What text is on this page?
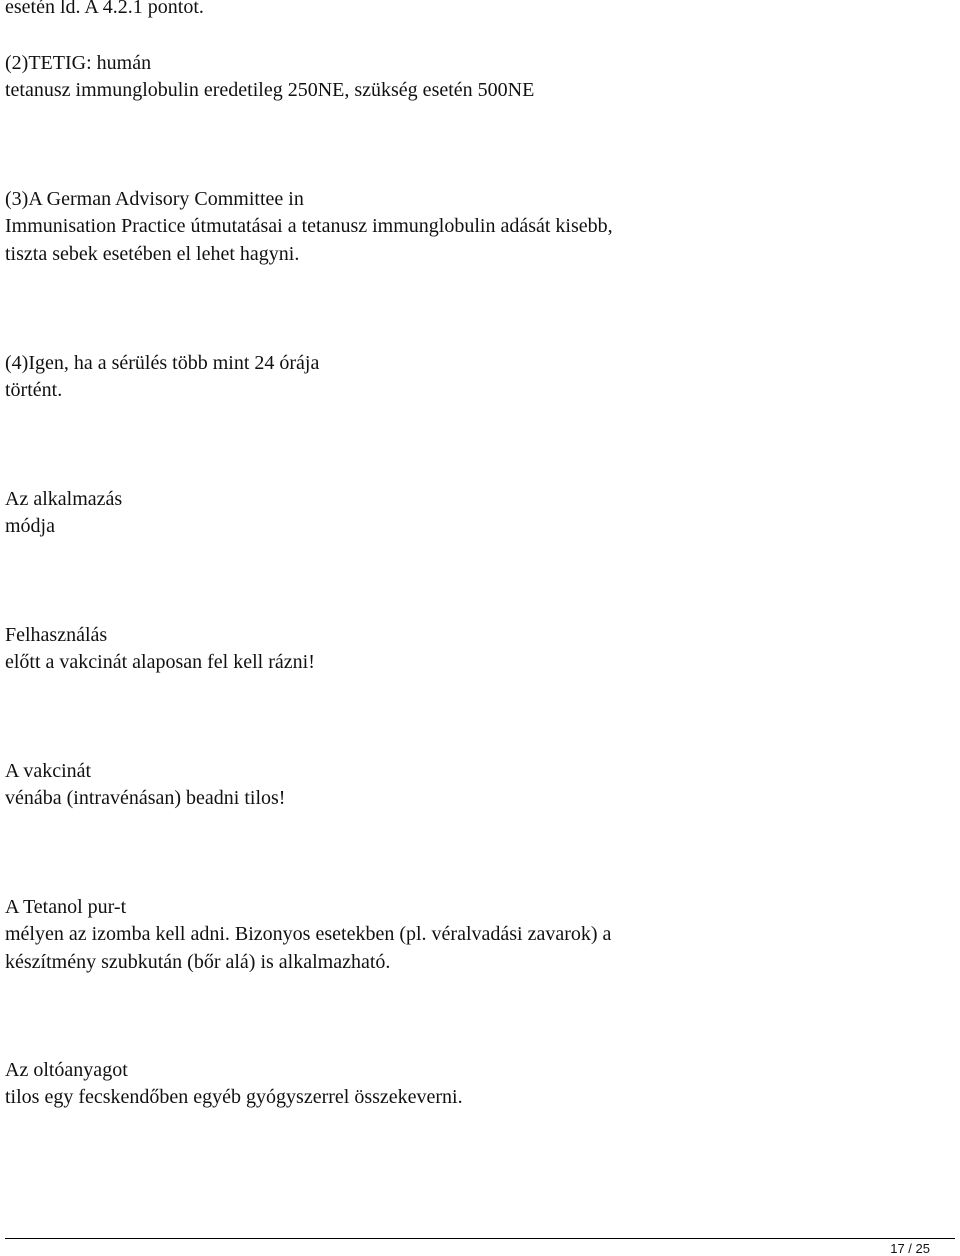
esetén ld. A 4.2.1 pontot.
(2)TETIG: humán
tetanusz immunglobulin eredetileg 250NE, szükség esetén 500NE
(3)A German Advisory Committee in
Immunisation Practice útmutatásai a tetanusz immunglobulin adását kisebb,
tiszta sebek esetében el lehet hagyni.
(4)Igen, ha a sérülés több mint 24 órája
történt.
Az alkalmazás
módja
Felhasználás
előtt a vakcinát alaposan fel kell rázni!
A vakcinát
vénába (intravénásan) beadni tilos!
A Tetanol pur-t
mélyen az izomba kell adni. Bizonyos esetekben (pl. véralvadási zavarok) a
készítmény szubkután (bőr alá) is alkalmazható.
Az oltóanyagot
tilos egy fecskendőben egyéb gyógyszerrel összekeverni.
17 / 25
